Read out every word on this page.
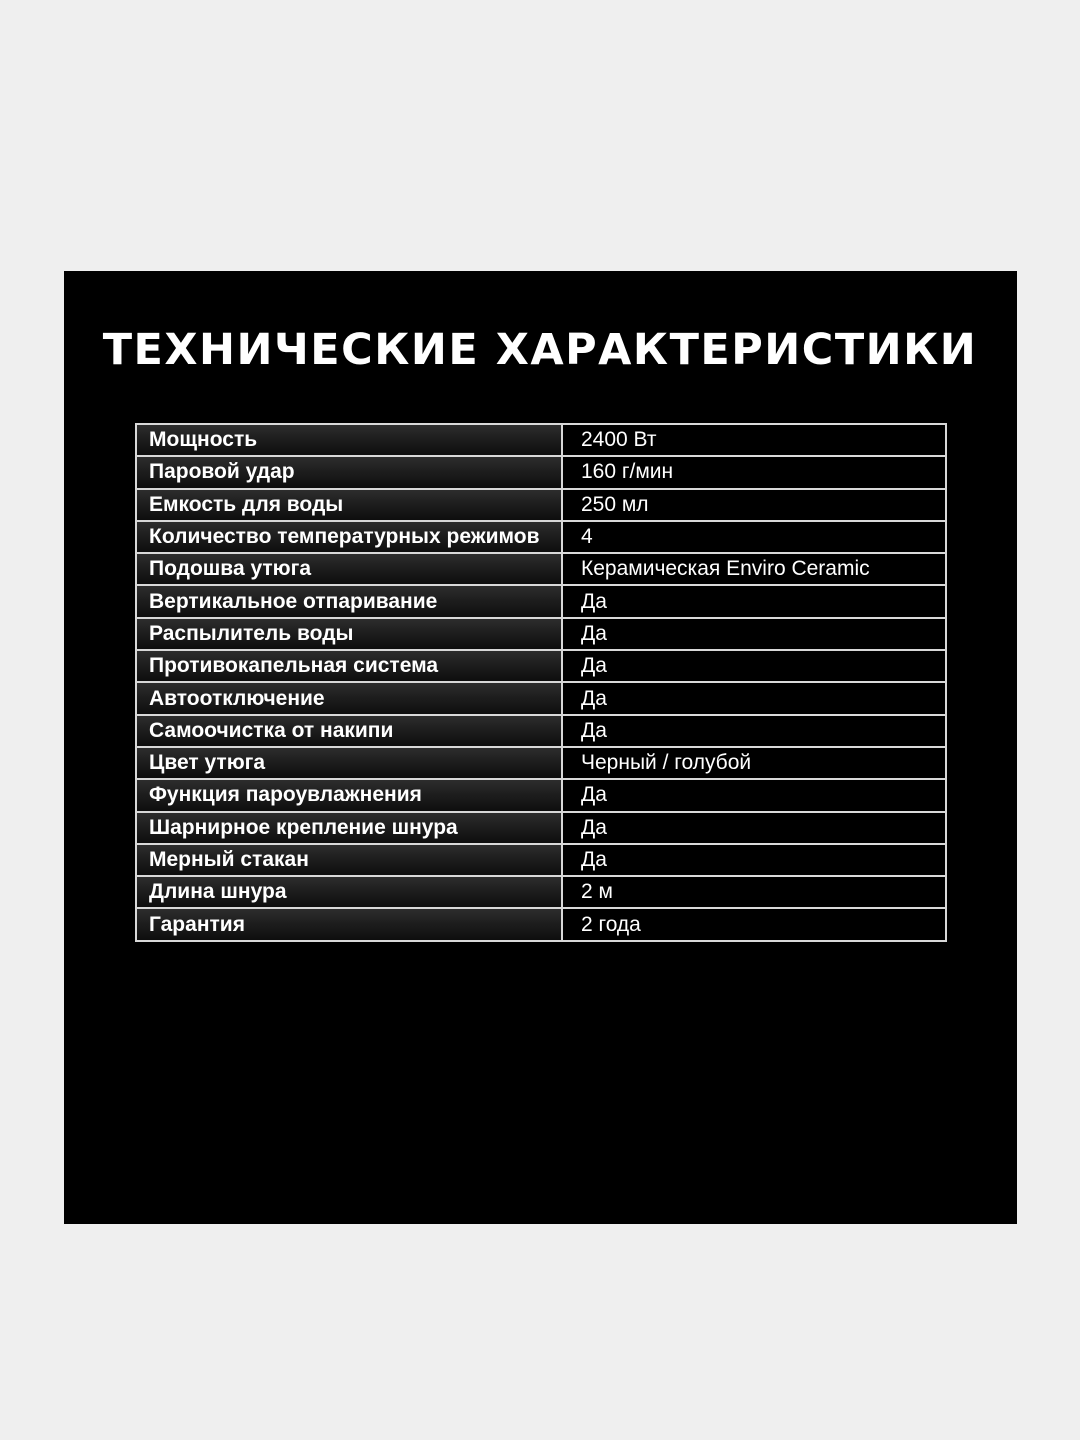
ТЕХНИЧЕСКИЕ ХАРАКТЕРИСТИКИ
Мощность	2400 Вт
Паровой удар	160 г/мин
Емкость для воды	250 мл
Количество температурных режимов	4
Подошва утюга	Керамическая Enviro Ceramic
Вертикальное отпаривание	Да
Распылитель воды	Да
Противокапельная система	Да
Автоотключение	Да
Самоочистка от накипи	Да
Цвет утюга	Черный / голубой
Функция пароувлажнения	Да
Шарнирное крепление шнура	Да
Мерный стакан	Да
Длина шнура	2 м
Гарантия	2 года
